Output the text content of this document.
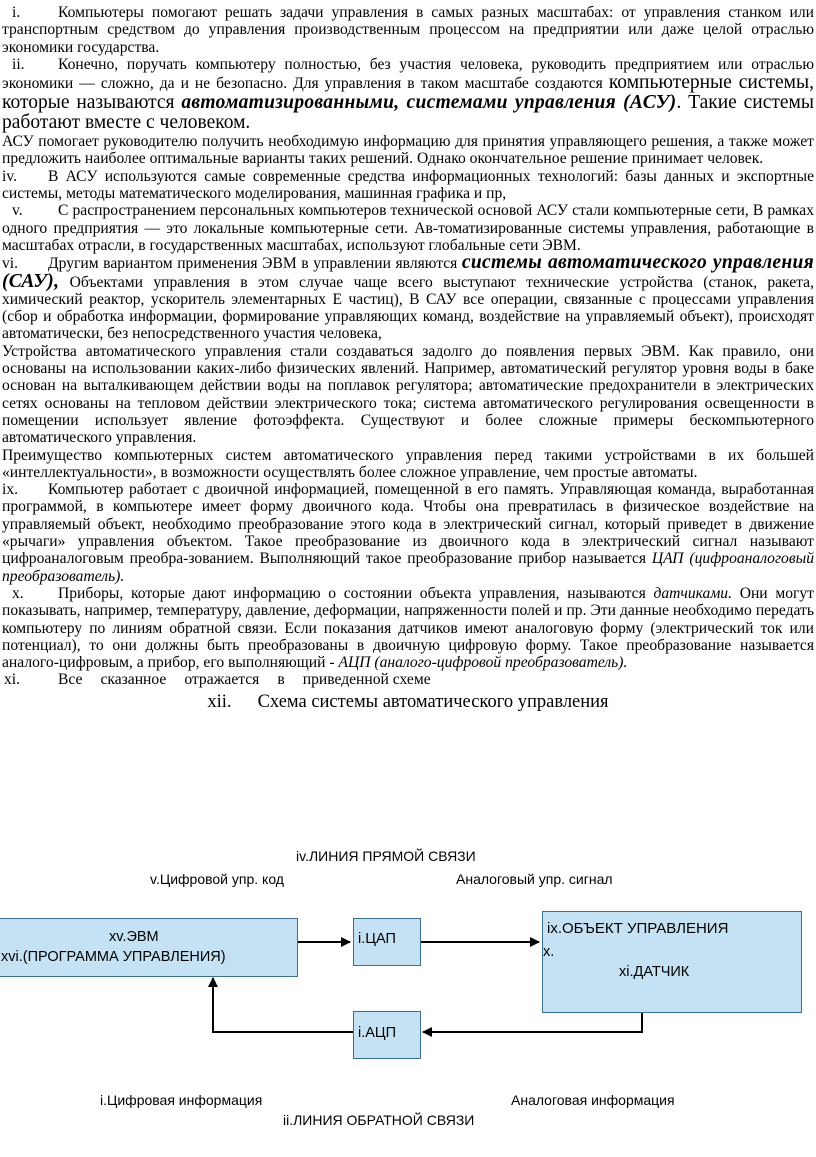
i. Компьютеры помогают решать задачи управления в самых разных масштабах: от управления станком или транспортным средством до управления производственным процессом на предприятии или даже целой отраслью экономики государства.

ii. Конечно, поручать компьютеру полностью, без участия человека, руководить предприятием или отраслью экономики — сложно, да и не безопасно. Для управления в таком масштабе создаются компьютерные системы, которые называются автоматизированными, системами управления (АСУ). Такие системы работают вместе с человеком.

АСУ помогает руководителю получить необходимую информацию для принятия управляющего решения, а также может предложить наиболее оптимальные варианты таких решений. Однако окончательное решение принимает человек.

iv. В АСУ используются самые современные средства информационных технологий: базы данных и экспортные системы, методы математического моделирования, машинная графика и пр,

v. С распространением персональных компьютеров технической основой АСУ стали компьютерные сети, В рамках одного предприятия — это локальные компьютерные сети. Ав-томатизированные системы управления, работающие в масштабах отрасли, в государственных масштабах, используют глобальные сети ЭВМ.

vi. Другим вариантом применения ЭВМ в управлении являются системы автоматического управления (САУ), Объектами управления в этом случае чаще всего выступают технические устройства (станок, ракета, химический реактор, ускоритель элементарных Е частиц), В САУ все операции, связанные с процессами управления (сбор и обработка информации, формирование управляющих команд, воздействие на управляемый объект), происходят автоматически, без непосредственного участия человека,

Устройства автоматического управления стали создаваться задолго до появления первых ЭВМ. Как правило, они основаны на использовании каких-либо физических явлений. Например, автоматический регулятор уровня воды в баке основан на выталкивающем действии воды на поплавок регулятора; автоматические предохранители в электрических сетях основаны на тепловом действии электрического тока; система автоматического регулирования освещенности в помещении использует явление фотоэффекта. Существуют и более сложные примеры бескомпьютерного автоматического управления.

Преимущество компьютерных систем автоматического управления перед такими устройствами в их большей «интеллектуальности», в возможности осуществлять более сложное управление, чем простые автоматы.

ix. Компьютер работает с двоичной информацией, помещенной в его память. Управляющая команда, выработанная программой, в компьютере имеет форму двоичного кода. Чтобы она превратилась в физическое воздействие на управляемый объект, необходимо преобразование этого кода в электрический сигнал, который приведет в движение «рычаги» управления объектом. Такое преобразование из двоичного кода в электрический сигнал называют цифроаналоговым преобра-зованием. Выполняющий такое преобразование прибор называется ЦАП (цифроаналоговый преобразователь).

x. Приборы, которые дают информацию о состоянии объекта управления, называются датчиками. Они могут показывать, например, температуру, давление, деформации, напряженности полей и пр. Эти данные необходимо передать компьютеру по линиям обратной связи. Если показания датчиков имеют аналоговую форму (электрический ток или потенциал), то они должны быть преобразованы в двоичную цифровую форму. Такое преобразование называется аналого-цифровым, а прибор, его выполняющий - АЦП (аналого-цифровой преобразователь).

xi. Все сказанное отражается в приведенной схеме

xii. Схема системы автоматического управления

iv.ЛИНИЯ ПРЯМОЙ СВЯЗИ
v.Цифровой упр. код	Аналоговый упр. сигнал
xv.ЭВМ
xvi.(ПРОГРАММА УПРАВЛЕНИЯ)
i.ЦАП
i.АЦП
ix.ОБЪЕКТ УПРАВЛЕНИЯ
x.
xi.ДАТЧИК
i.Цифровая информация	Аналоговая информация
ii.ЛИНИЯ ОБРАТНОЙ СВЯЗИ
